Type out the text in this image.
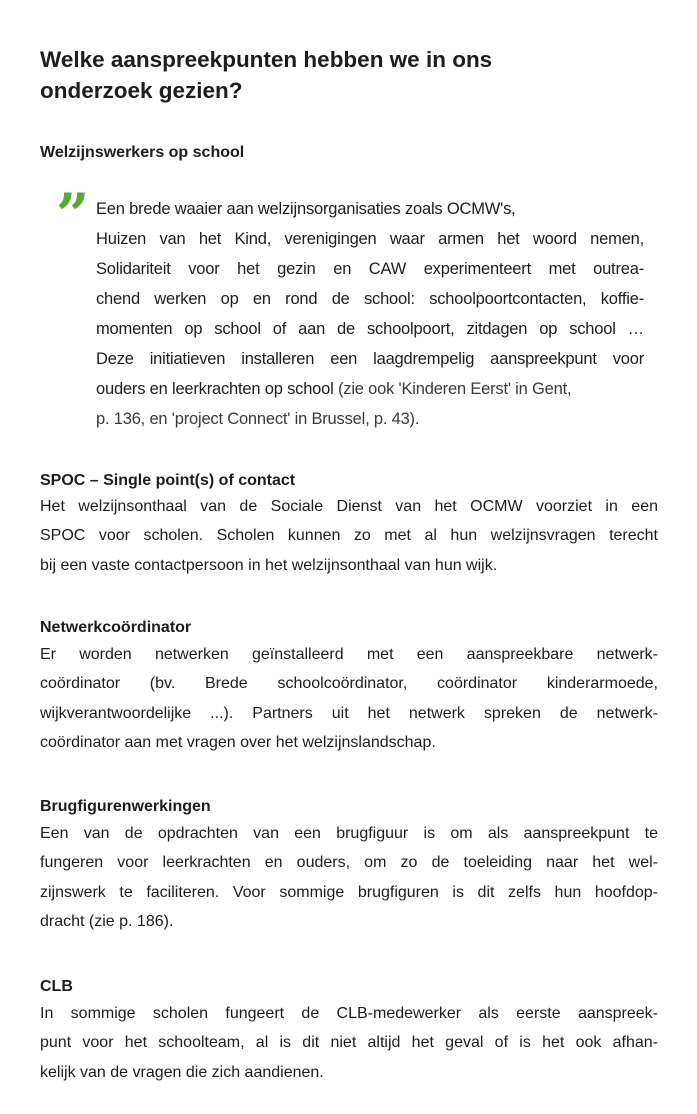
Welke aanspreekpunten hebben we in ons
onderzoek gezien?
Welzijnswerkers op school
” Een brede waaier aan welzijnsorganisaties zoals OCMW's,
Huizen van het Kind, verenigingen waar armen het woord nemen,
Solidariteit voor het gezin en CAW experimenteert met outrea-
chend werken op en rond de school: schoolpoortcontacten, koffie-
momenten op school of aan de schoolpoort, zitdagen op school …
Deze initiatieven installeren een laagdrempelig aanspreekpunt voor
ouders en leerkrachten op school (zie ook 'Kinderen Eerst' in Gent,
p. 136, en 'project Connect' in Brussel, p. 43).

SPOC – Single point(s) of contact

Het welzijnsonthaal van de Sociale Dienst van het OCMW voorziet in een
SPOC voor scholen. Scholen kunnen zo met al hun welzijnsvragen terecht
bij een vaste contactpersoon in het welzijnsonthaal van hun wijk.

Netwerkcoördinator

Er worden netwerken geïnstalleerd met een aanspreekbare netwerk-
coördinator (bv. Brede schoolcoördinator, coördinator kinderarmoede,
wijkverantwoordelijke ...). Partners uit het netwerk spreken de netwerk-
coördinator aan met vragen over het welzijnslandschap.

Brugfigurenwerkingen

Een van de opdrachten van een brugfiguur is om als aanspreekpunt te
fungeren voor leerkrachten en ouders, om zo de toeleiding naar het wel-
zijnswerk te faciliteren. Voor sommige brugfiguren is dit zelfs hun hoofdop-
dracht (zie p. 186).

CLB

In sommige scholen fungeert de CLB-medewerker als eerste aanspreek-
punt voor het schoolteam, al is dit niet altijd het geval of is het ook afhan-
kelijk van de vragen die zich aandienen.
